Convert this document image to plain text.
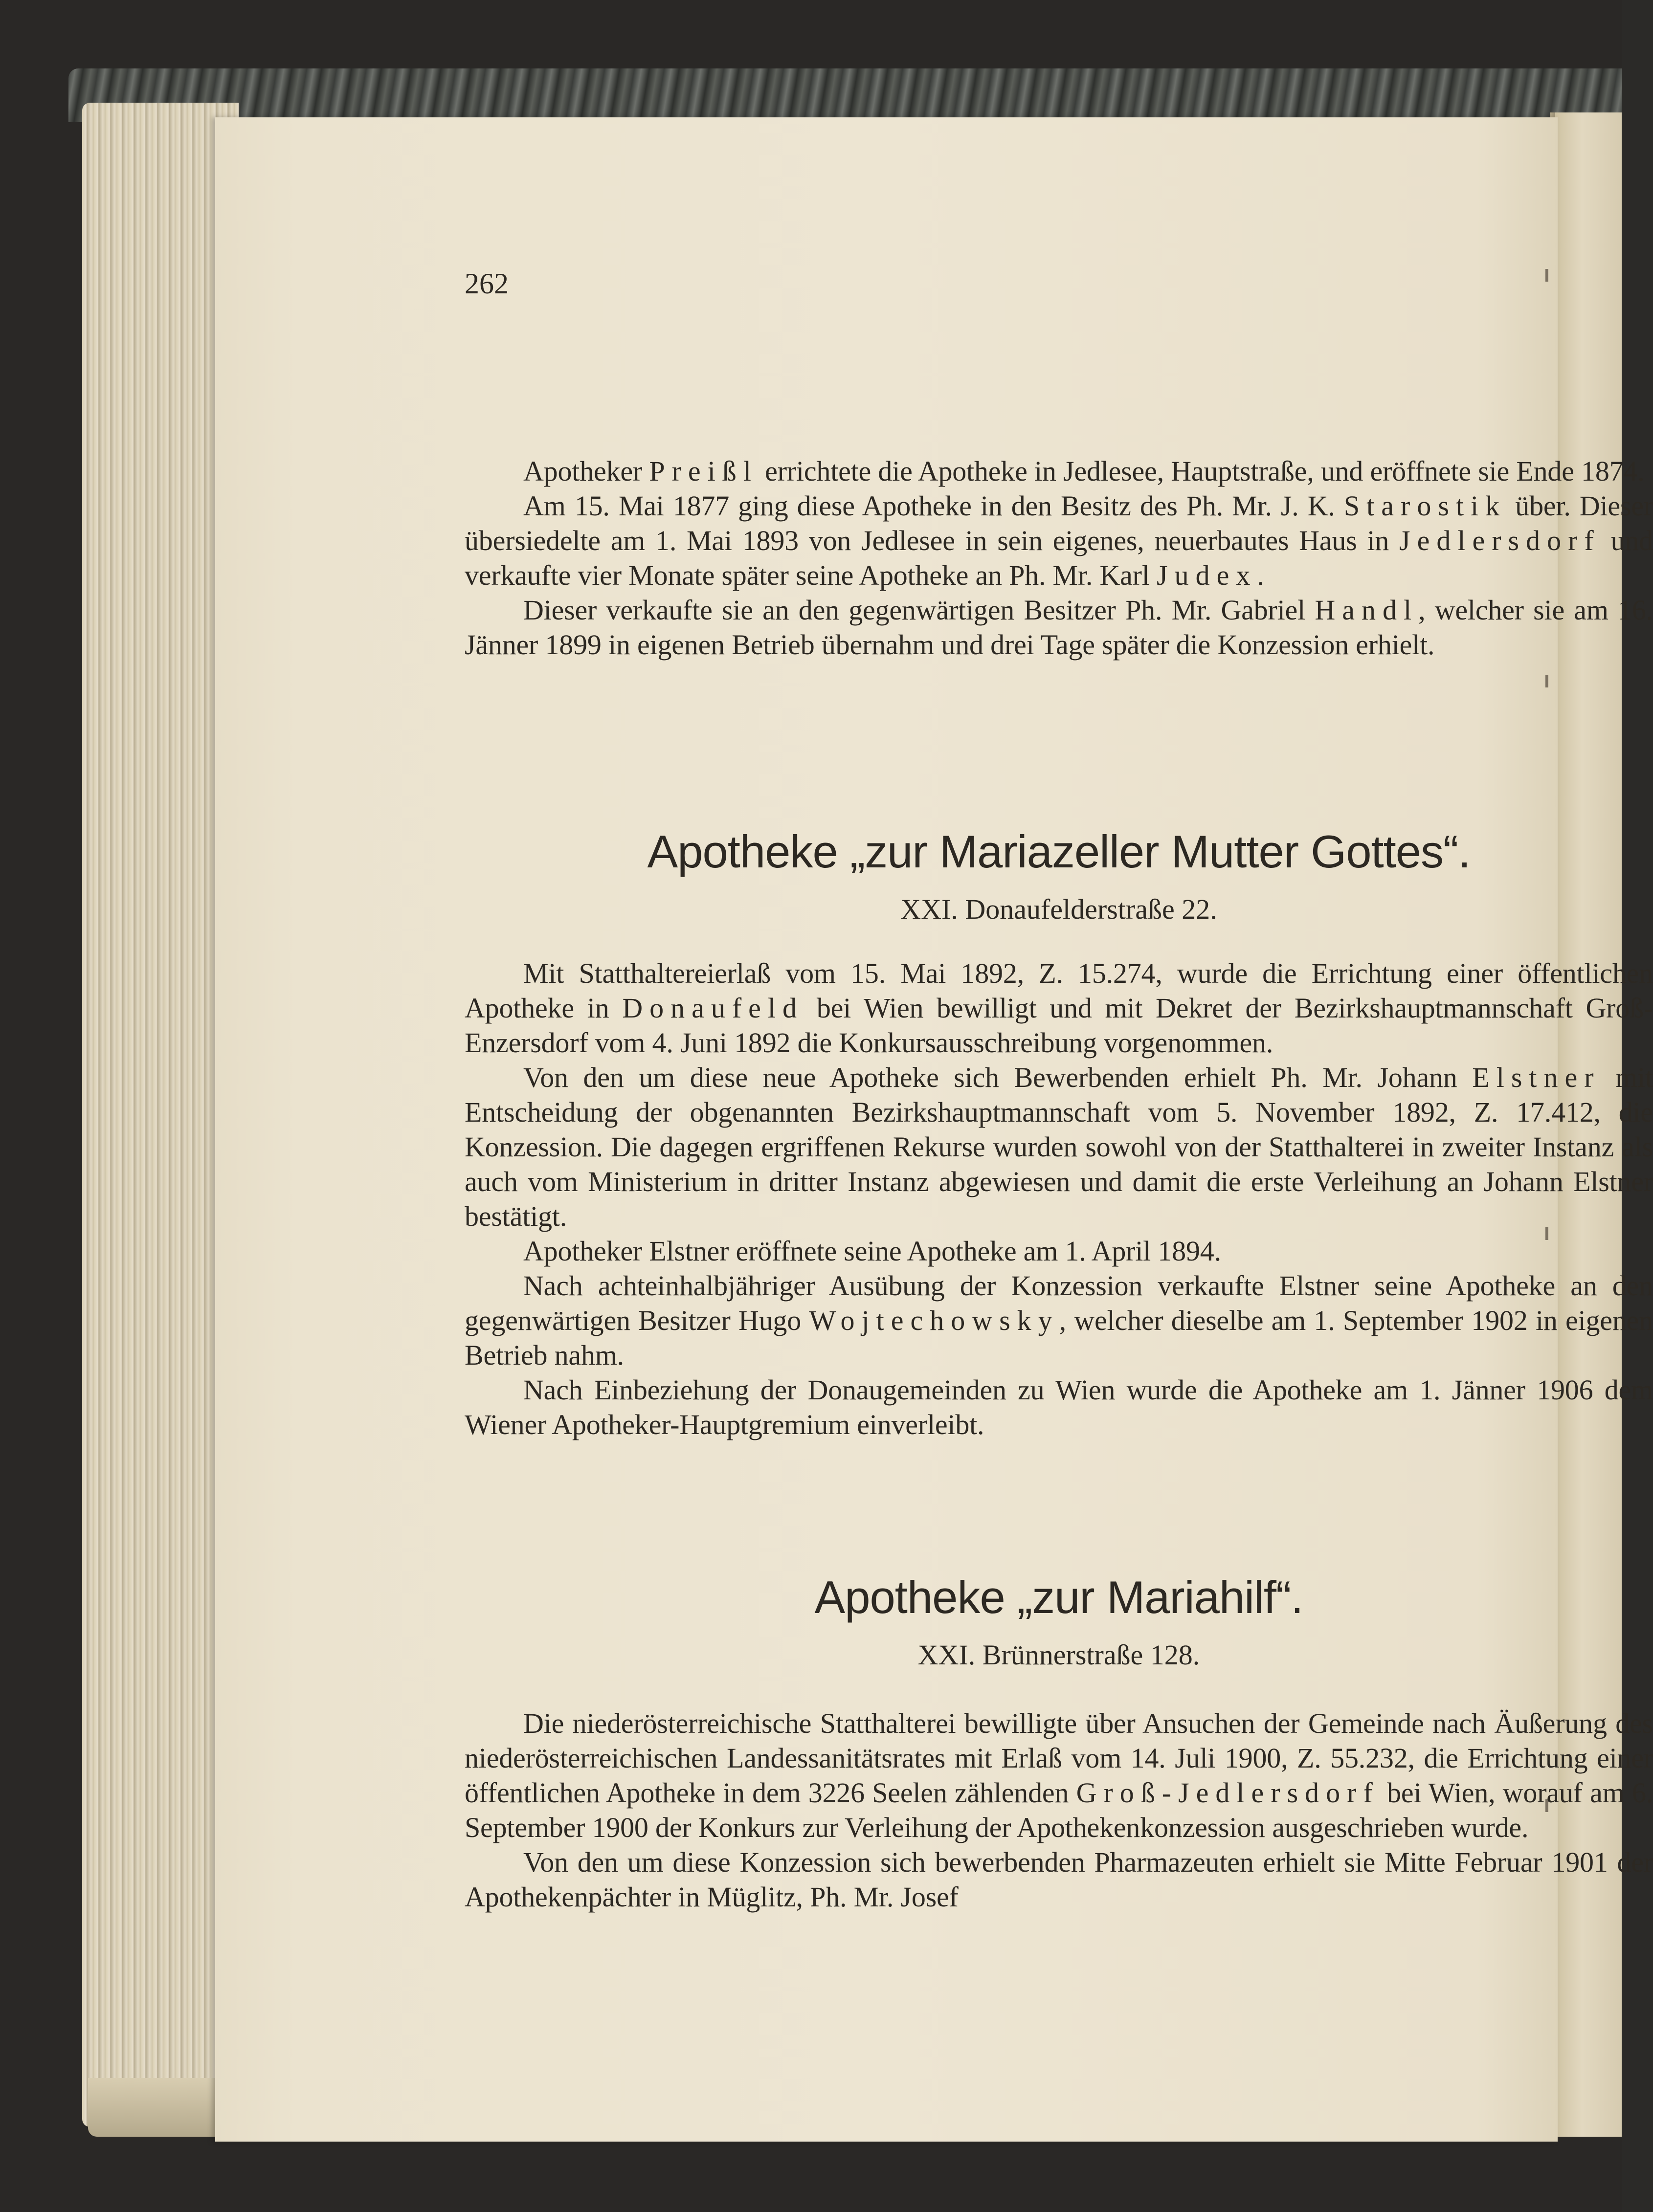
262

Apotheker Preißl errichtete die Apotheke in Jedlesee, Hauptstraße, und eröffnete sie Ende 1874.

Am 15. Mai 1877 ging diese Apotheke in den Besitz des Ph. Mr. J. K. Starostik über. Dieser übersiedelte am 1. Mai 1893 von Jedlesee in sein eigenes, neuerbautes Haus in Jedlersdorf und verkaufte vier Monate später seine Apotheke an Ph. Mr. Karl Judex.

Dieser verkaufte sie an den gegenwärtigen Besitzer Ph. Mr. Gabriel Handl, welcher sie am 16. Jänner 1899 in eigenen Betrieb übernahm und drei Tage später die Konzession erhielt.

Apotheke „zur Mariazeller Mutter Gottes“.

XXI. Donaufelderstraße 22.

Mit Statthaltereierlaß vom 15. Mai 1892, Z. 15.274, wurde die Errichtung einer öffentlichen Apotheke in Donaufeld bei Wien bewilligt und mit Dekret der Bezirkshauptmannschaft Groß-Enzersdorf vom 4. Juni 1892 die Konkursausschreibung vorgenommen.

Von den um diese neue Apotheke sich Bewerbenden erhielt Ph. Mr. Johann Elstner mit Entscheidung der obgenannten Bezirkshauptmannschaft vom 5. November 1892, Z. 17.412, die Konzession. Die dagegen ergriffenen Rekurse wurden sowohl von der Statthalterei in zweiter Instanz als auch vom Ministerium in dritter Instanz abgewiesen und damit die erste Verleihung an Johann Elstner bestätigt.

Apotheker Elstner eröffnete seine Apotheke am 1. April 1894.

Nach achteinhalbjähriger Ausübung der Konzession verkaufte Elstner seine Apotheke an den gegenwärtigen Besitzer Hugo Wojtechowsky, welcher dieselbe am 1. September 1902 in eigenen Betrieb nahm.

Nach Einbeziehung der Donaugemeinden zu Wien wurde die Apotheke am 1. Jänner 1906 dem Wiener Apotheker-Hauptgremium einverleibt.

Apotheke „zur Mariahilf“.

XXI. Brünnerstraße 128.

Die niederösterreichische Statthalterei bewilligte über Ansuchen der Gemeinde nach Äußerung des niederösterreichischen Landessanitätsrates mit Erlaß vom 14. Juli 1900, Z. 55.232, die Errichtung einer öffentlichen Apotheke in dem 3226 Seelen zählenden Groß-Jedlersdorf bei Wien, worauf am 6. September 1900 der Konkurs zur Verleihung der Apothekenkonzession ausgeschrieben wurde.

Von den um diese Konzession sich bewerbenden Pharmazeuten erhielt sie Mitte Februar 1901 der Apothekenpächter in Müglitz, Ph. Mr. Josef
